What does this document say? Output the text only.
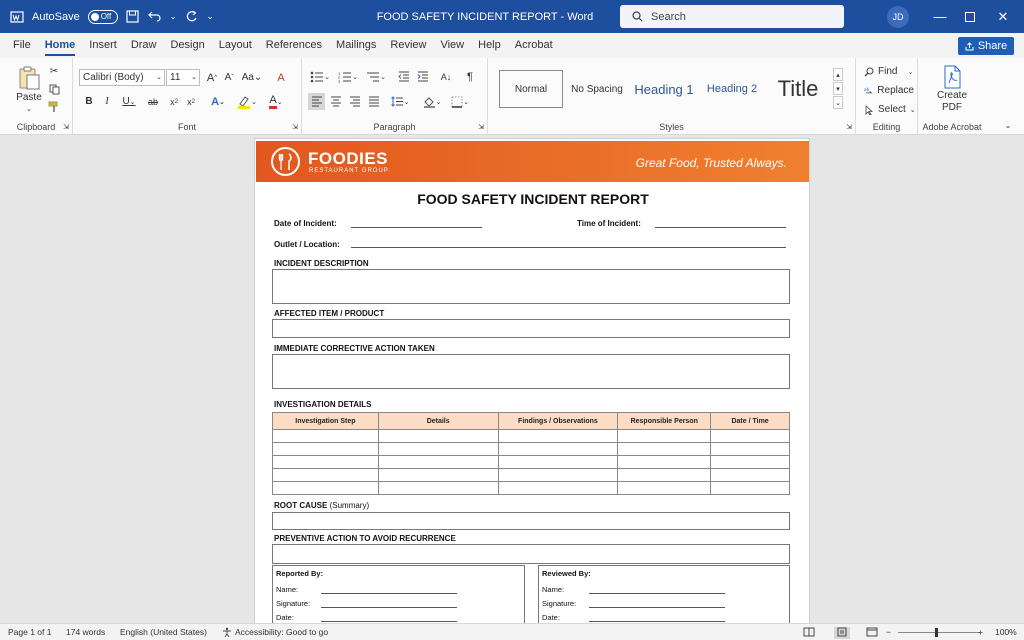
AutoSave	Off	⌄	⌄	FOOD SAFETY INCIDENT REPORT - Word	Search	JD	—	✕
File Home Insert Draw Design Layout References Mailings Review View Help Acrobat	Share
Paste
⌄
✂
Clipboard	⇲
Calibri (Body) ⌄ 11 ⌄ A ^ A ˇ Aa⌄	A
B	I	U ⌄	ab	x 2	x 2 A ⌄	⌄ A ⌄
Font	⇲
⌄
1
2
3
⌄	⌄	A↓	¶
⌄	⌄	⌄
Paragraph	⇲
Normal	No Spacing Heading 1	Heading 2 Title
▴
▾
⌄
Styles	⇲
Find ⌄
ab Replace
Select ⌄
Editing
Create
PDF
Adobe Acrobat	⌄
FOODIES
RESTAURANT GROUP
Great Food, Trusted Always.
FOOD SAFETY INCIDENT REPORT
Date of Incident:	Time of Incident:
Outlet / Location:
INCIDENT DESCRIPTION
AFFECTED ITEM / PRODUCT
IMMEDIATE CORRECTIVE ACTION TAKEN
INVESTIGATION DETAILS
Investigation Step	Details	Findings / Observations	Responsible Person	Date / Time

ROOT CAUSE (Summary)
PREVENTIVE ACTION TO AVOID RECURRENCE
Reported By:
Name:
Signature:
Date:
Reviewed By:
Name:
Signature:
Date:
Page 1 of 1 174 words English (United States)	Accessibility: Good to go	−	+ 100%
